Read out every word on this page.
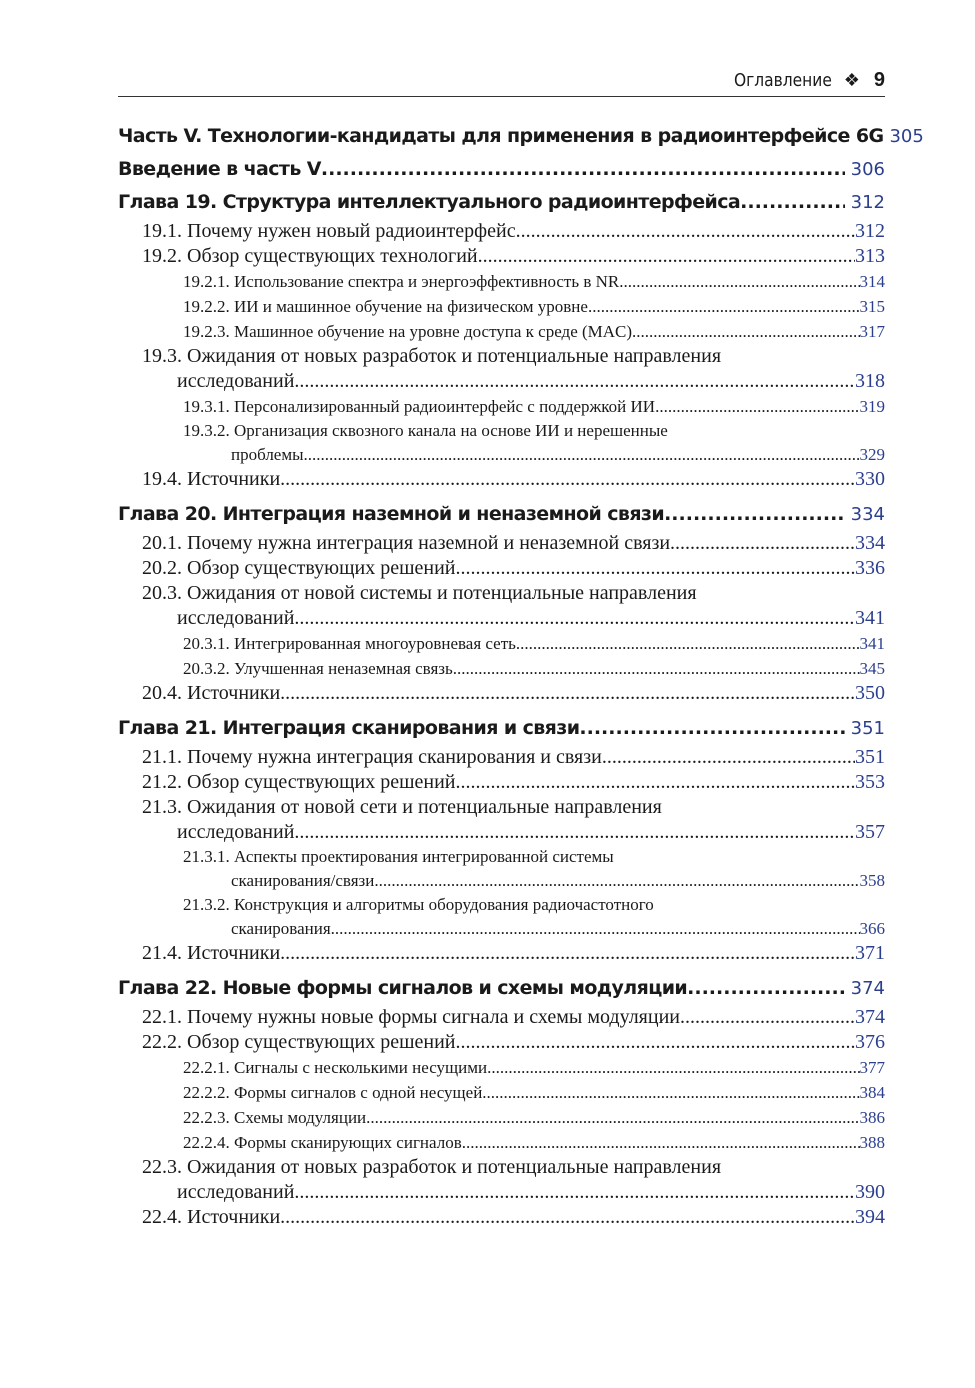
Оглавление ❖ 9
Часть V. Технологии-кандидаты для применения в радиоинтерфейсе 6G 305
Введение в часть V .....	306
Глава 19. Структура интеллектуального радиоинтерфейса .....	312
19.1. Почему нужен новый радиоинтерфейс .....	312
19.2. Обзор существующих технологий .....	313
19.2.1. Использование спектра и энергоэффективность в NR .....	314
19.2.2. ИИ и машинное обучение на физическом уровне .....	315
19.2.3. Машинное обучение на уровне доступа к среде (MAC) .....	317
19.3. Ожидания от новых разработок и потенциальные направления
исследований .....	318
19.3.1. Персонализированный радиоинтерфейс с поддержкой ИИ .....	319
19.3.2. Организация сквозного канала на основе ИИ и нерешенные
проблемы .....	329
19.4. Источники .....	330
Глава 20. Интеграция наземной и неназемной связи .....	334
20.1. Почему нужна интеграция наземной и неназемной связи .....	334
20.2. Обзор существующих решений .....	336
20.3. Ожидания от новой системы и потенциальные направления
исследований .....	341
20.3.1. Интегрированная многоуровневая сеть .....	341
20.3.2. Улучшенная неназемная связь .....	345
20.4. Источники .....	350
Глава 21. Интеграция сканирования и связи .....	351
21.1. Почему нужна интеграция сканирования и связи .....	351
21.2. Обзор существующих решений .....	353
21.3. Ожидания от новой сети и потенциальные направления
исследований .....	357
21.3.1. Аспекты проектирования интегрированной системы
сканирования/связи .....	358
21.3.2. Конструкция и алгоритмы оборудования радиочастотного
сканирования .....	366
21.4. Источники .....	371
Глава 22. Новые формы сигналов и схемы модуляции .....	374
22.1. Почему нужны новые формы сигнала и схемы модуляции .....	374
22.2. Обзор существующих решений .....	376
22.2.1. Сигналы с несколькими несущими .....	377
22.2.2. Формы сигналов с одной несущей .....	384
22.2.3. Схемы модуляции .....	386
22.2.4. Формы сканирующих сигналов .....	388
22.3. Ожидания от новых разработок и потенциальные направления
исследований .....	390
22.4. Источники .....	394
